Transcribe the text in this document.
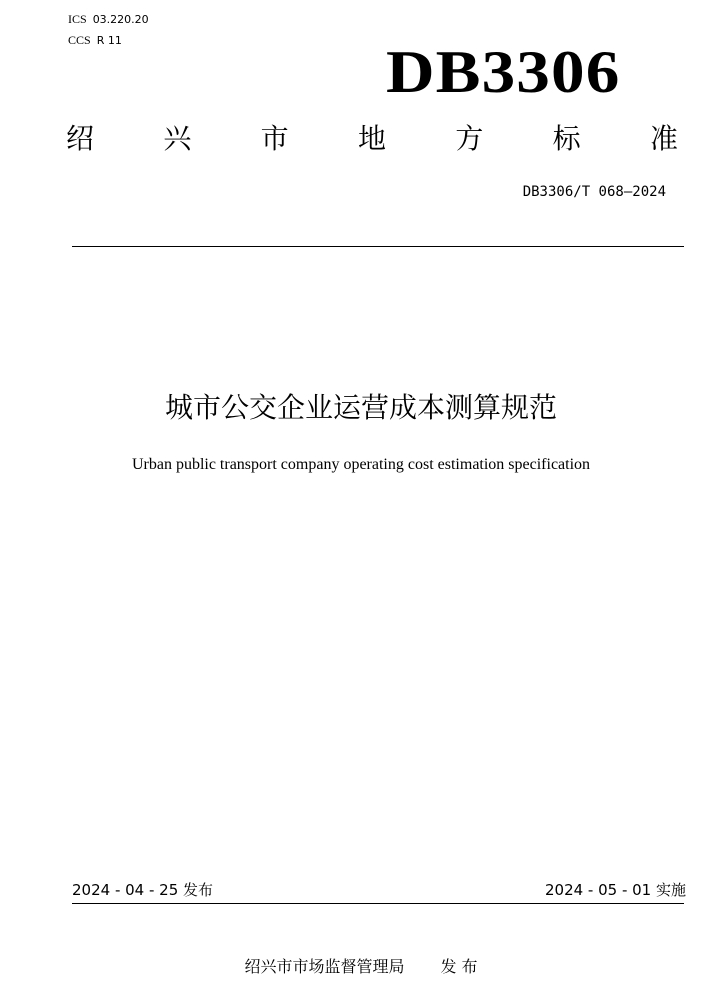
ICS 03.220.20
CCS R 11	DB3306
绍 兴 市 地 方 标 准
DB3306/T 068—2024
城市公交企业运营成本测算规范
Urban public transport company operating cost estimation specification
2024 - 04 - 25 发布	2024 - 05 - 01 实施
绍兴市市场监督管理局 发 布
